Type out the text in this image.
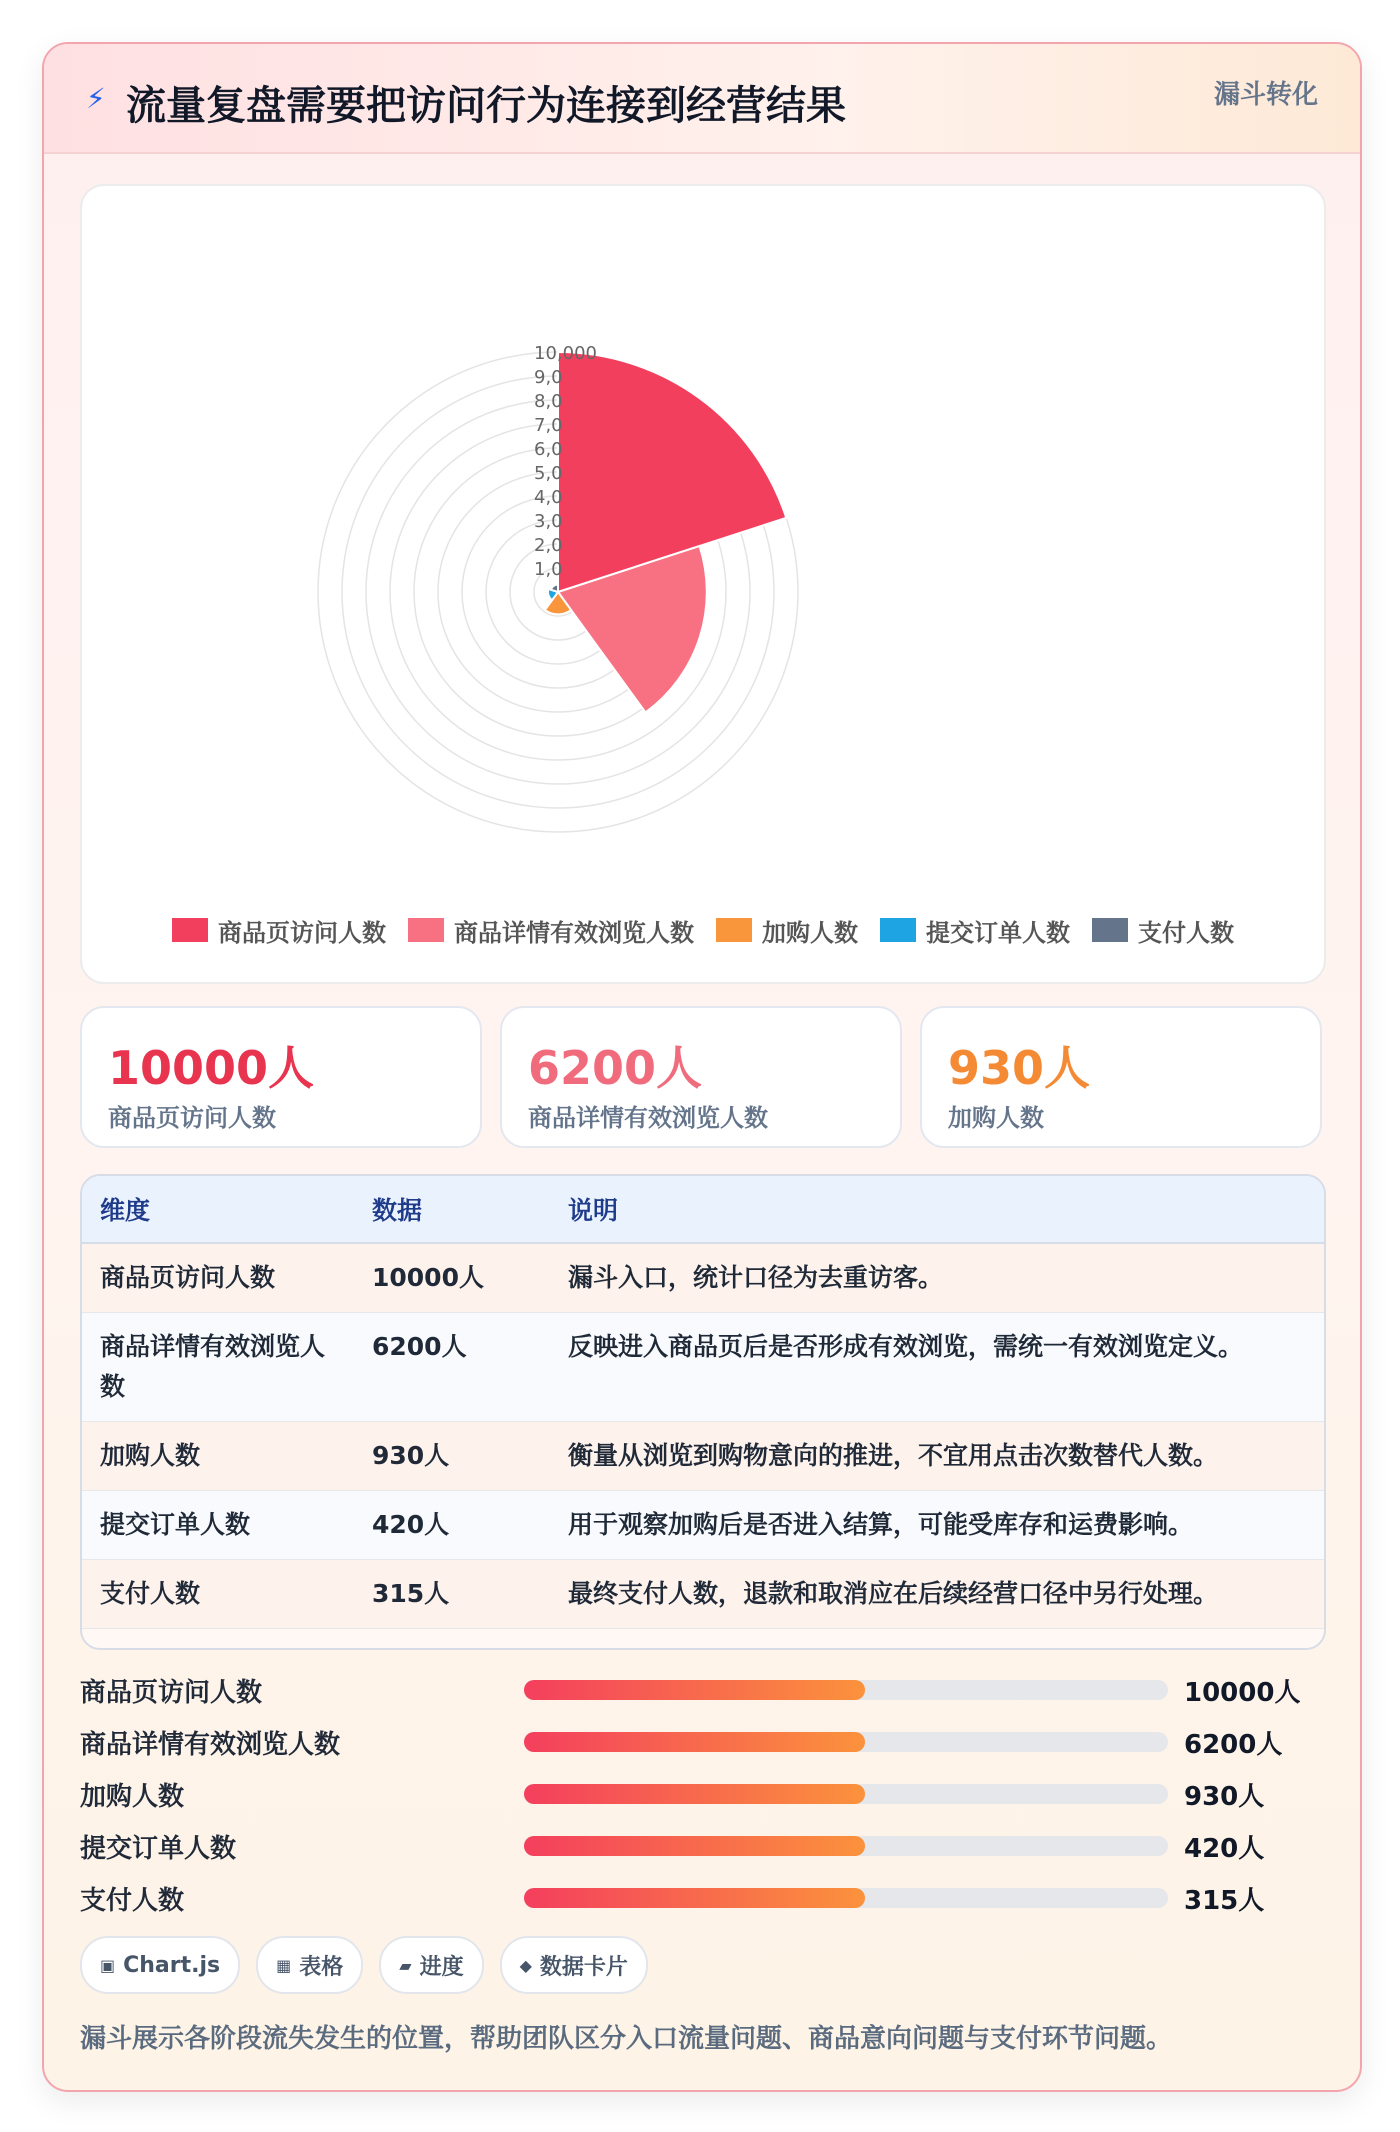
⚡ 流量复盘需要把访问行为连接到经营结果	漏斗转化
1,0
2,0
3,0
4,0
5,0
6,0
7,0
8,0
9,0
10,000
商品页访问人数	商品详情有效浏览人数	加购人数	提交订单人数	支付人数
10000人
商品页访问人数
6200人
商品详情有效浏览人数
930人
加购人数
维度	数据	说明
商品页访问人数	10000人	漏斗入口，统计口径为去重访客。
商品详情有效浏览人数	6200人	反映进入商品页后是否形成有效浏览，需统一有效浏览定义。
加购人数	930人	衡量从浏览到购物意向的推进，不宜用点击次数替代人数。
提交订单人数	420人	用于观察加购后是否进入结算，可能受库存和运费影响。
支付人数	315人	最终支付人数，退款和取消应在后续经营口径中另行处理。
商品页访问人数	10000人
商品详情有效浏览人数	6200人
加购人数	930人
提交订单人数	420人
支付人数	315人
▣ Chart.js	▦ 表格	▰ 进度	◆ 数据卡片
漏斗展示各阶段流失发生的位置，帮助团队区分入口流量问题、商品意向问题与支付环节问题。
